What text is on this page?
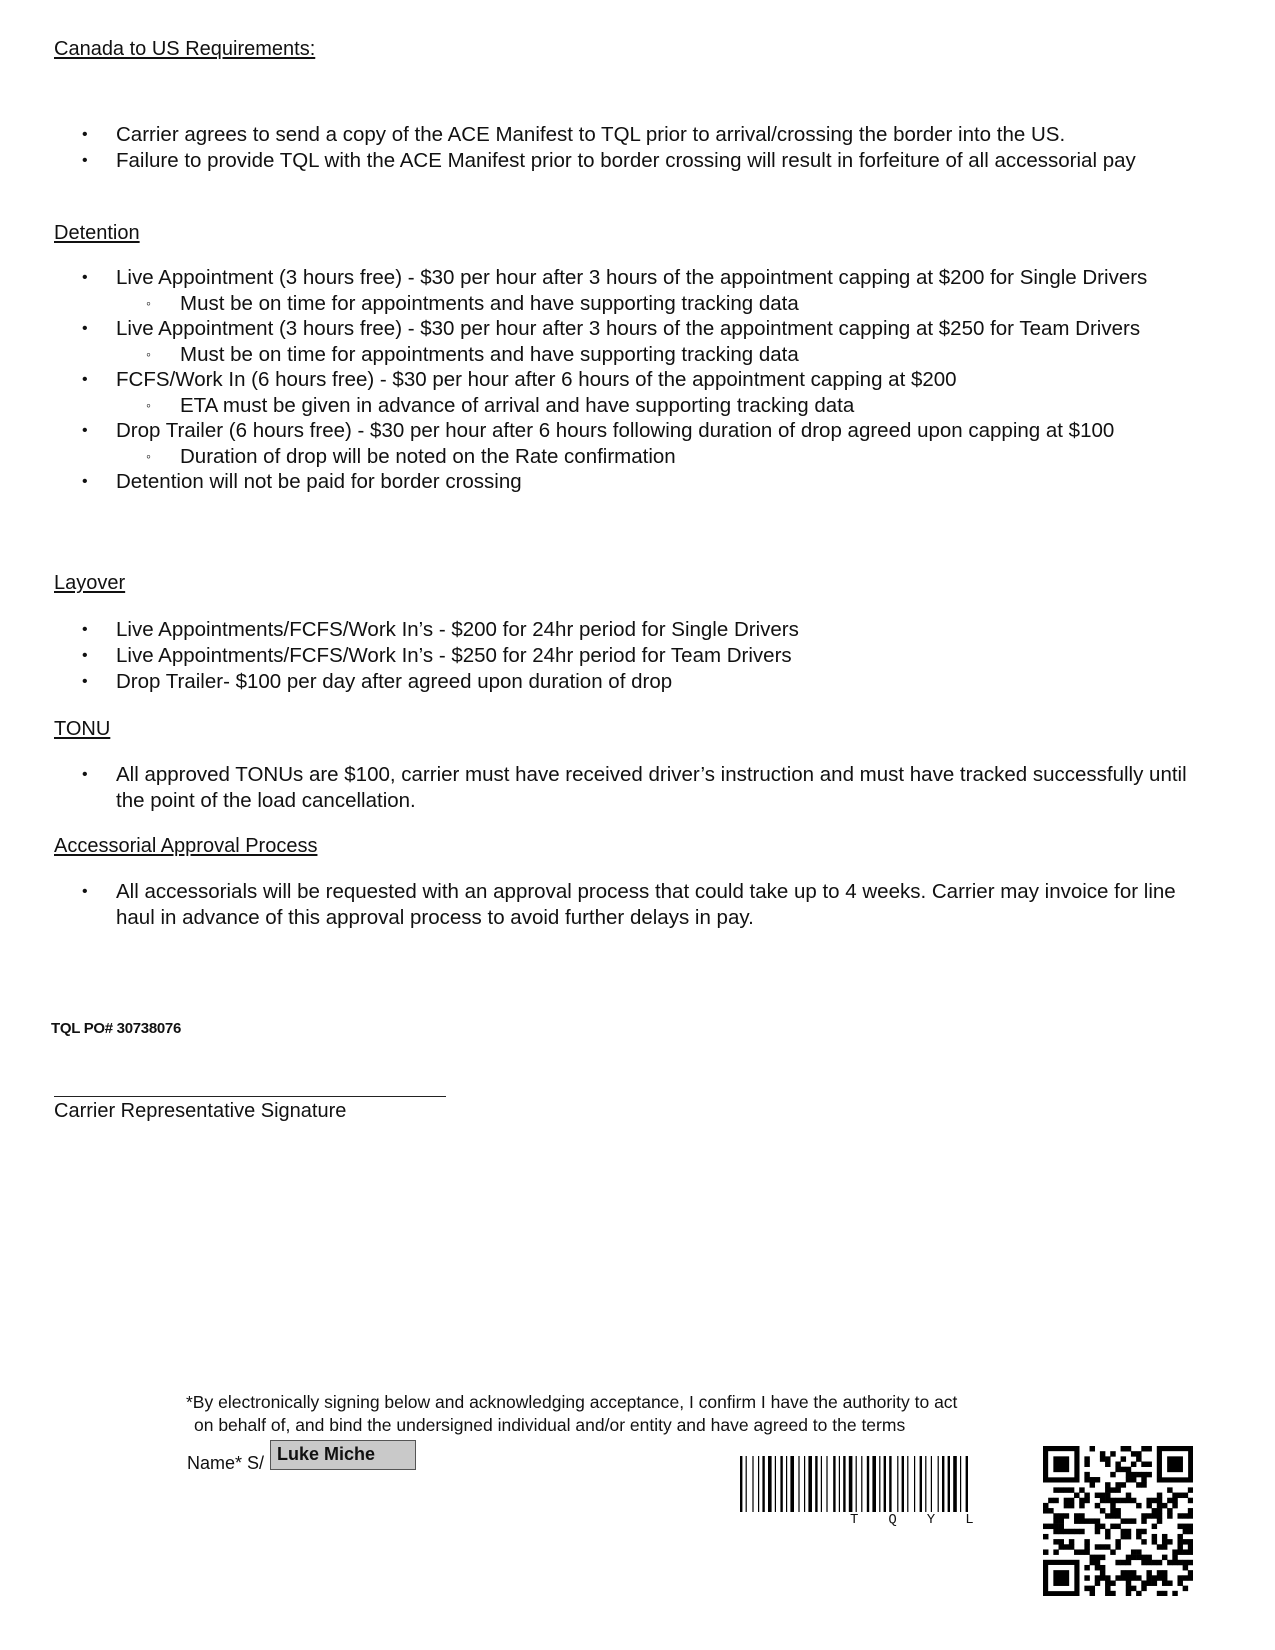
Canada to US Requirements:
• Carrier agrees to send a copy of the ACE Manifest to TQL prior to arrival/crossing the border into the US.
• Failure to provide TQL with the ACE Manifest prior to border crossing will result in forfeiture of all accessorial pay
Detention
• Live Appointment (3 hours free) - $30 per hour after 3 hours of the appointment capping at $200 for Single Drivers
◦ Must be on time for appointments and have supporting tracking data
• Live Appointment (3 hours free) - $30 per hour after 3 hours of the appointment capping at $250 for Team Drivers
◦ Must be on time for appointments and have supporting tracking data
• FCFS/Work In (6 hours free) - $30 per hour after 6 hours of the appointment capping at $200
◦ ETA must be given in advance of arrival and have supporting tracking data
• Drop Trailer (6 hours free) - $30 per hour after 6 hours following duration of drop agreed upon capping at $100
◦ Duration of drop will be noted on the Rate confirmation
• Detention will not be paid for border crossing
Layover
• Live Appointments/FCFS/Work In’s - $200 for 24hr period for Single Drivers
• Live Appointments/FCFS/Work In’s - $250 for 24hr period for Team Drivers
• Drop Trailer- $100 per day after agreed upon duration of drop
TONU
• All approved TONUs are $100, carrier must have received driver’s instruction and must have tracked successfully until the point of the load cancellation.
Accessorial Approval Process
• All accessorials will be requested with an approval process that could take up to 4 weeks. Carrier may invoice for line haul in advance of this approval process to avoid further delays in pay.
TQL PO# 30738076
Carrier Representative Signature
*By electronically signing below and acknowledging acceptance, I confirm I have the authority to act
on behalf of, and bind the undersigned individual and/or entity and have agreed to the terms
Name* S/ Luke Miche
TQYL
